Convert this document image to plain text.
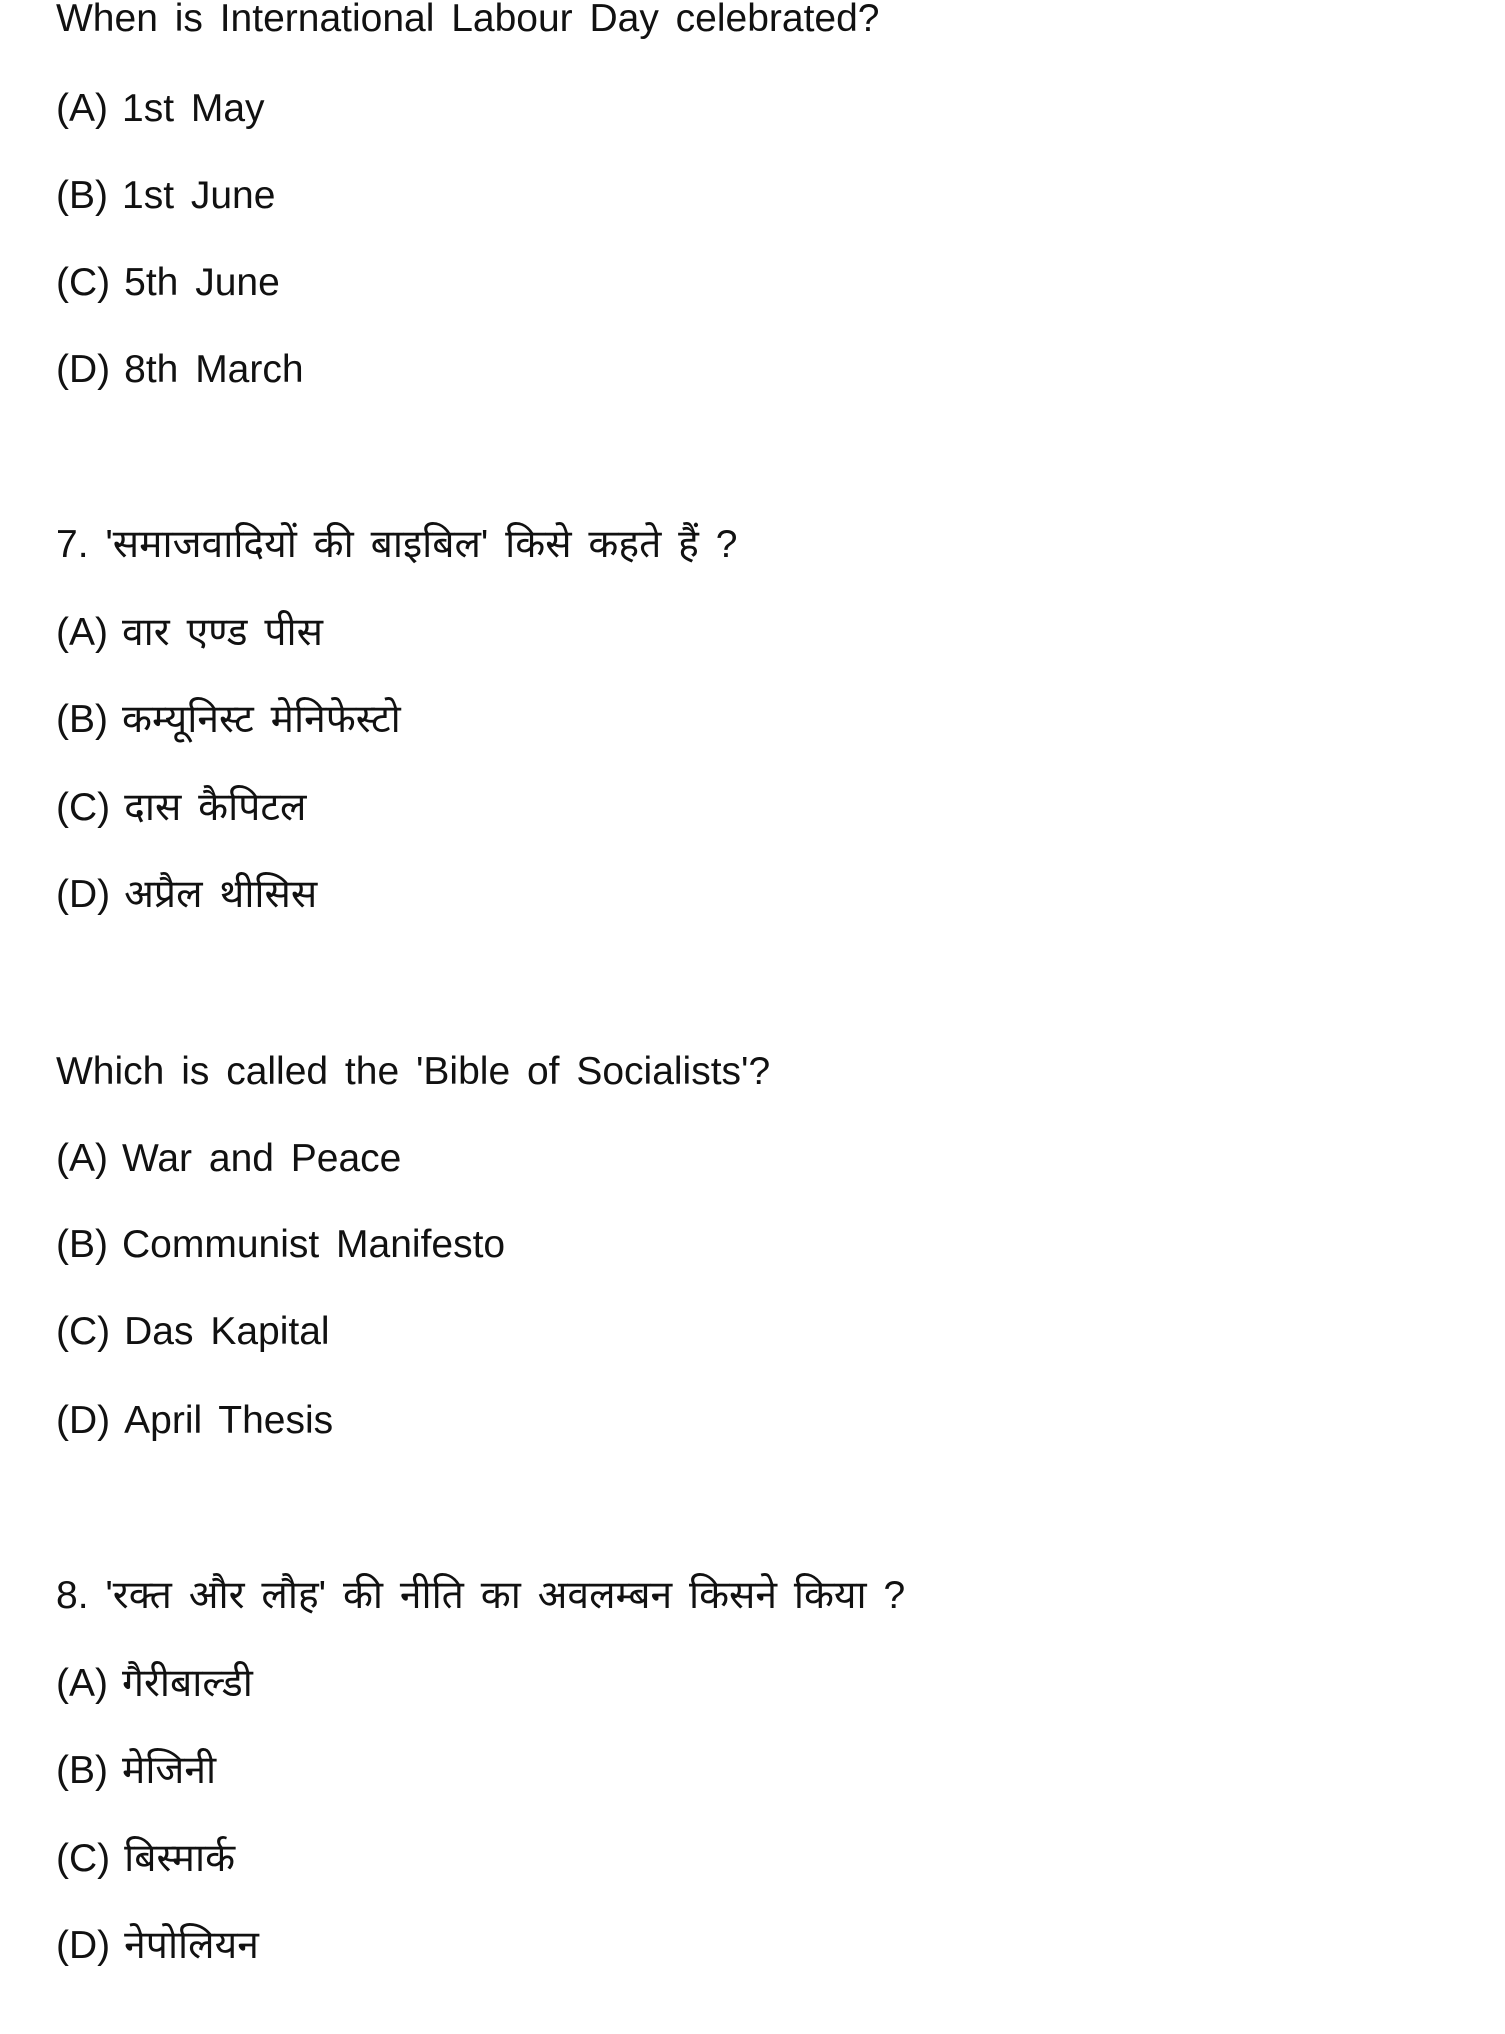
When is International Labour Day celebrated?
(A) 1st May
(B) 1st June
(C) 5th June
(D) 8th March
7. 'समाजवादियों की बाइबिल' किसे कहते हैं ?
(A) वार एण्ड पीस
(B) कम्यूनिस्ट मेनिफेस्टो
(C) दास कैपिटल
(D) अप्रैल थीसिस
Which is called the 'Bible of Socialists'?
(A) War and Peace
(B) Communist Manifesto
(C) Das Kapital
(D) April Thesis
8. 'रक्त और लौह' की नीति का अवलम्बन किसने किया ?
(A) गैरीबाल्डी
(B) मेजिनी
(C) बिस्मार्क
(D) नेपोलियन
